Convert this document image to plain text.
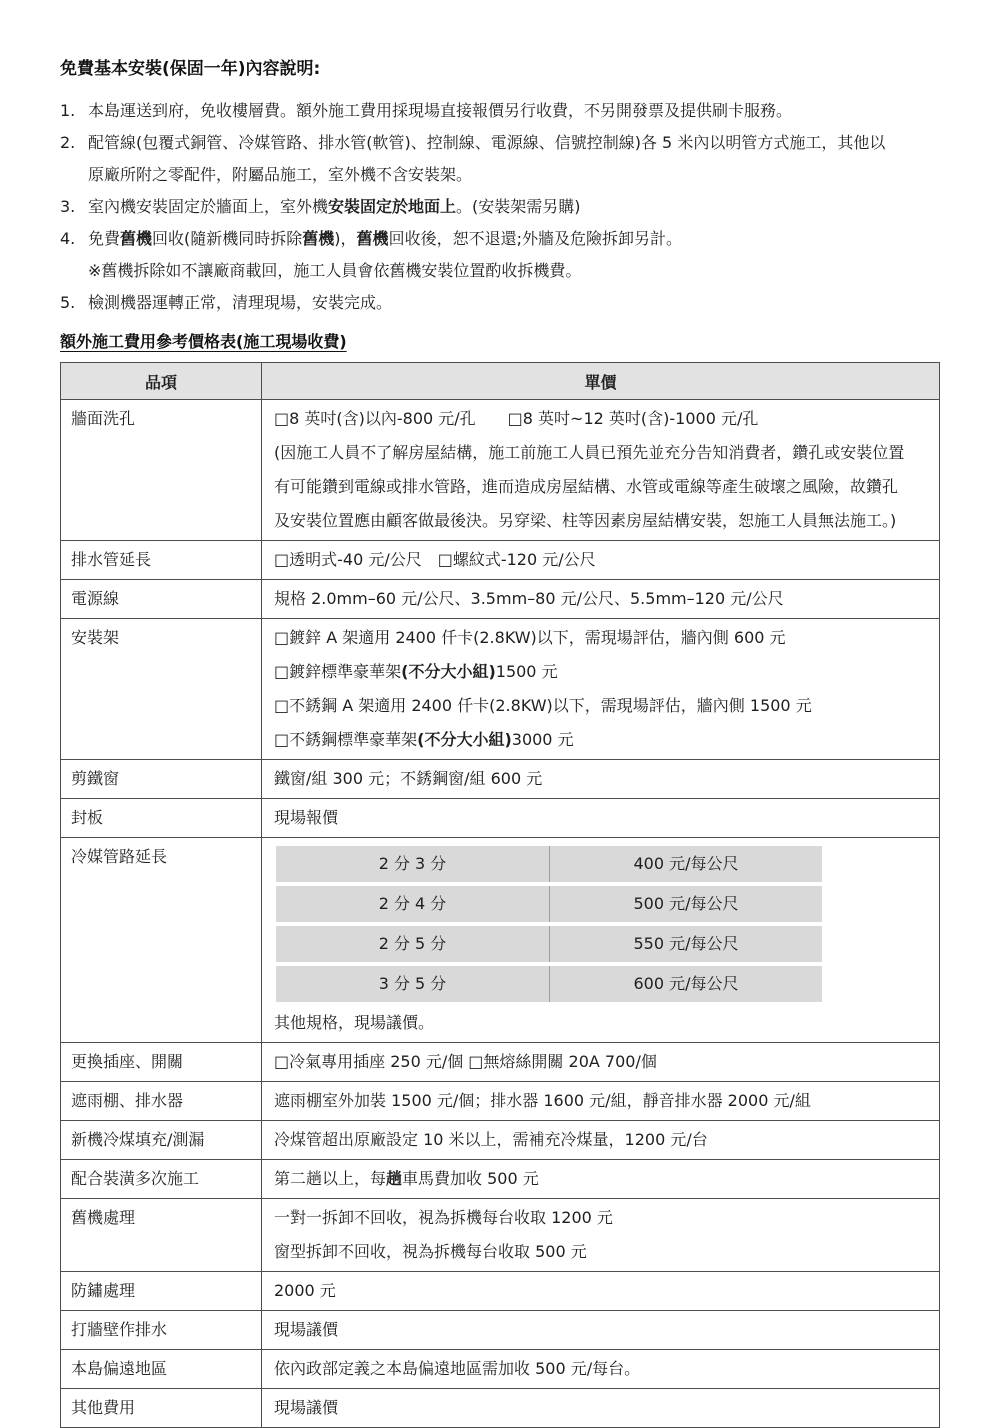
免費基本安裝(保固一年)內容說明:
1. 本島運送到府，免收樓層費。額外施工費用採現場直接報價另行收費，不另開發票及提供刷卡服務。
2. 配管線(包覆式銅管、冷媒管路、排水管(軟管)、控制線、電源線、信號控制線)各 5 米內以明管方式施工，其他以
原廠所附之零配件，附屬品施工，室外機不含安裝架。
3. 室內機安裝固定於牆面上，室外機安裝固定於地面上。(安裝架需另購)
4. 免費舊機回收(隨新機同時拆除舊機)，舊機回收後，恕不退還;外牆及危險拆卸另計。
※舊機拆除如不讓廠商載回，施工人員會依舊機安裝位置酌收拆機費。
5. 檢測機器運轉正常，清理現場，安裝完成。
額外施工費用參考價格表(施工現場收費)
品項	單價
牆面洗孔	□8 英吋(含)以內-800 元/孔　　□8 英吋~12 英吋(含)-1000 元/孔
(因施工人員不了解房屋結構，施工前施工人員已預先並充分告知消費者，鑽孔或安裝位置
有可能鑽到電線或排水管路，進而造成房屋結構、水管或電線等產生破壞之風險，故鑽孔
及安裝位置應由顧客做最後決。另穿梁、柱等因素房屋結構安裝，恕施工人員無法施工。)

排水管延長	□透明式-40 元/公尺　□螺紋式-120 元/公尺

電源線	規格 2.0mm–60 元/公尺、3.5mm–80 元/公尺、5.5mm–120 元/公尺

安裝架	□鍍鋅 A 架適用 2400 仟卡(2.8KW)以下，需現場評估，牆內側 600 元
□鍍鋅標準豪華架(不分大小組)1500 元
□不銹鋼 A 架適用 2400 仟卡(2.8KW)以下，需現場評估，牆內側 1500 元
□不銹鋼標準豪華架(不分大小組)3000 元

剪鐵窗	鐵窗/組 300 元；不銹鋼窗/組 600 元

封板	現場報價

冷媒管路延長		2 分 3 分	400 元/每公尺
2 分 4 分	500 元/每公尺
2 分 5 分	550 元/每公尺
3 分 5 分	600 元/每公尺
其他規格，現場議價。

更換插座、開關	□冷氣專用插座 250 元/個 □無熔絲開關 20A 700/個

遮雨棚、排水器	遮雨棚室外加裝 1500 元/個；排水器 1600 元/組，靜音排水器 2000 元/組

新機冷煤填充/測漏	冷煤管超出原廠設定 10 米以上，需補充冷煤量，1200 元/台

配合裝潢多次施工	第二趟以上，每趟車馬費加收 500 元

舊機處理	一對一拆卸不回收，視為拆機每台收取 1200 元
窗型拆卸不回收，視為拆機每台收取 500 元

防鏽處理	2000 元

打牆壁作排水	現場議價

本島偏遠地區	依內政部定義之本島偏遠地區需加收 500 元/每台。

其他費用	現場議價
